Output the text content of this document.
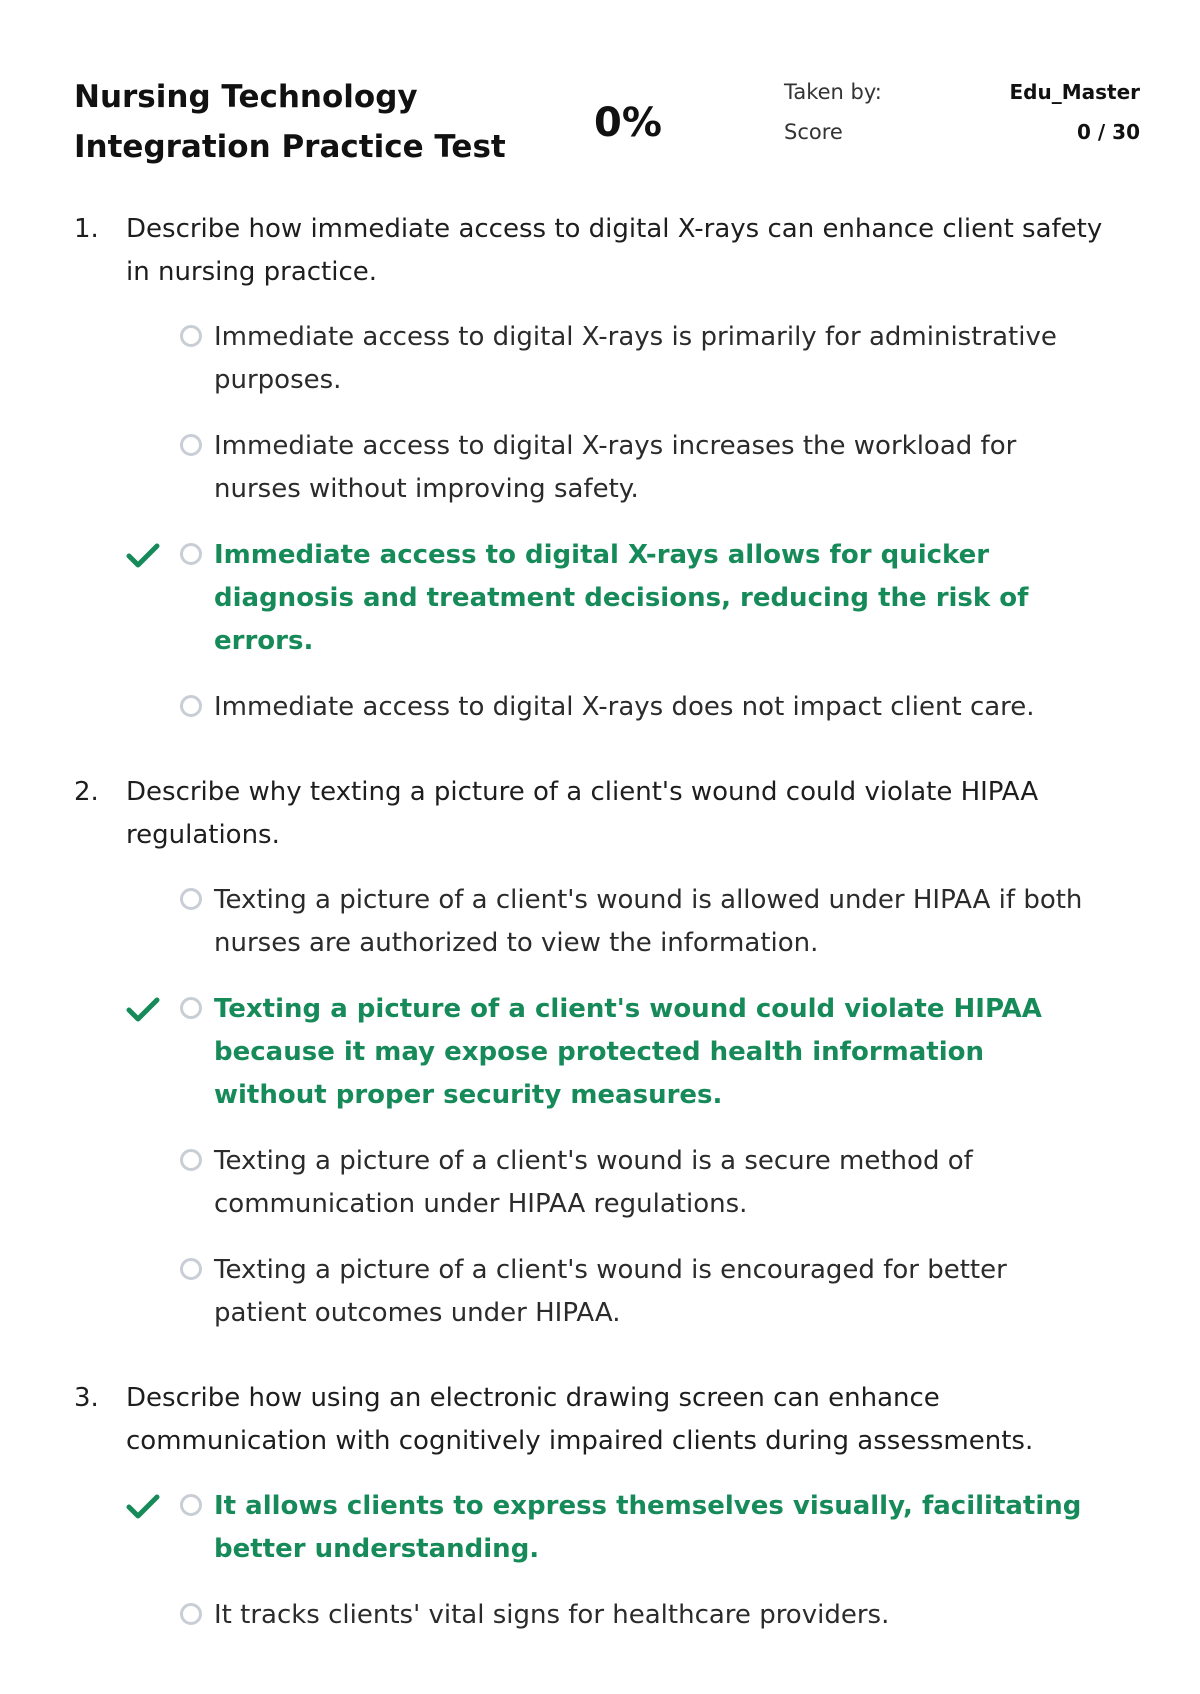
Nursing Technology Integration Practice Test
0%
Taken by:	Edu_Master
Score	0 / 30
1.	Describe how immediate access to digital X-rays can enhance client safety in nursing practice.
Immediate access to digital X-rays is primarily for administrative purposes.
Immediate access to digital X-rays increases the workload for nurses without improving safety.
Immediate access to digital X-rays allows for quicker diagnosis and treatment decisions, reducing the risk of errors.
Immediate access to digital X-rays does not impact client care.
2.	Describe why texting a picture of a client's wound could violate HIPAA regulations.
Texting a picture of a client's wound is allowed under HIPAA if both nurses are authorized to view the information.
Texting a picture of a client's wound could violate HIPAA because it may expose protected health information without proper security measures.
Texting a picture of a client's wound is a secure method of communication under HIPAA regulations.
Texting a picture of a client's wound is encouraged for better patient outcomes under HIPAA.
3.	Describe how using an electronic drawing screen can enhance communication with cognitively impaired clients during assessments.
It allows clients to express themselves visually, facilitating better understanding.
It tracks clients' vital signs for healthcare providers.
